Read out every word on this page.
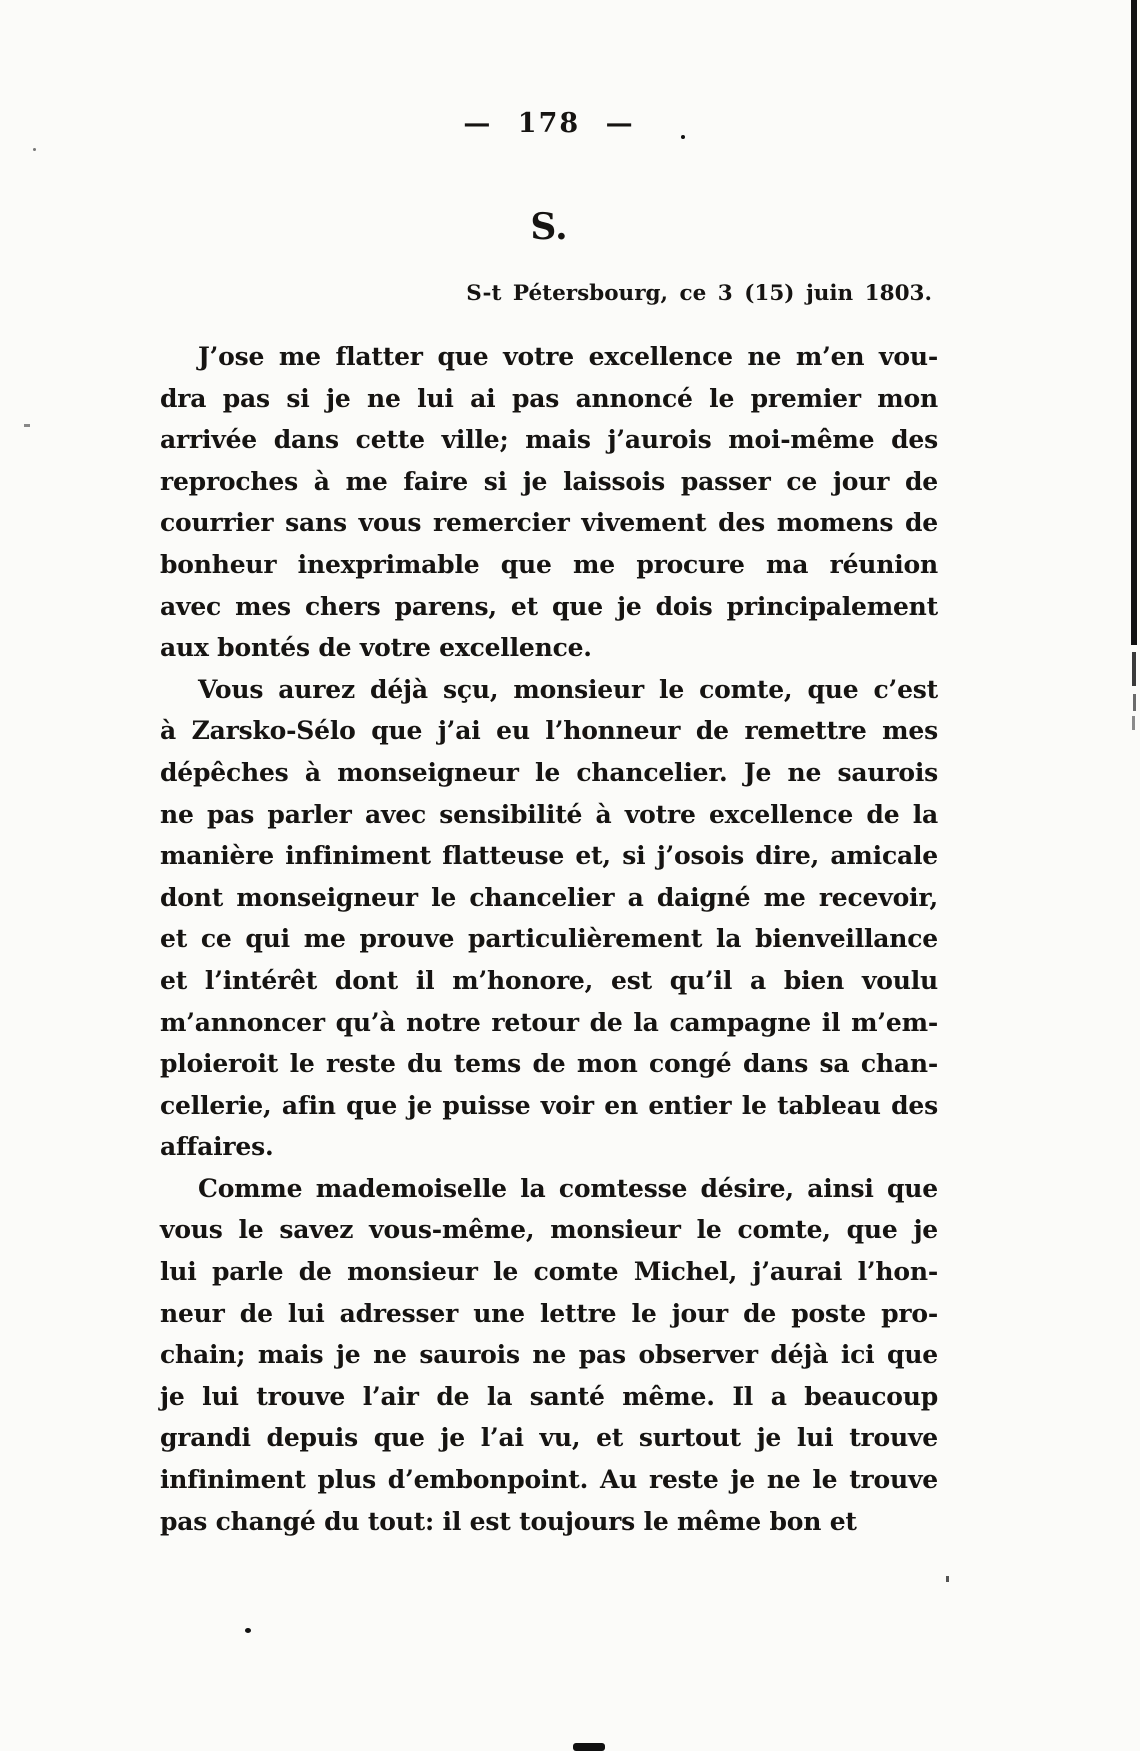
— 178 —
S.
S-t Pétersbourg, ce 3 (15) juin 1803.
J’ose me flatter que votre excellence ne m’en vou-
dra pas si je ne lui ai pas annoncé le premier mon
arrivée dans cette ville; mais j’aurois moi-même des
reproches à me faire si je laissois passer ce jour de
courrier sans vous remercier vivement des momens de
bonheur inexprimable que me procure ma réunion
avec mes chers parens, et que je dois principalement
aux bontés de votre excellence.
Vous aurez déjà sçu, monsieur le comte, que c’est
à Zarsko-Sélo que j’ai eu l’honneur de remettre mes
dépêches à monseigneur le chancelier. Je ne saurois
ne pas parler avec sensibilité à votre excellence de la
manière infiniment flatteuse et, si j’osois dire, amicale
dont monseigneur le chancelier a daigné me recevoir,
et ce qui me prouve particulièrement la bienveillance
et l’intérêt dont il m’honore, est qu’il a bien voulu
m’annoncer qu’à notre retour de la campagne il m’em-
ploieroit le reste du tems de mon congé dans sa chan-
cellerie, afin que je puisse voir en entier le tableau des
affaires.
Comme mademoiselle la comtesse désire, ainsi que
vous le savez vous-même, monsieur le comte, que je
lui parle de monsieur le comte Michel, j’aurai l’hon-
neur de lui adresser une lettre le jour de poste pro-
chain; mais je ne saurois ne pas observer déjà ici que
je lui trouve l’air de la santé même. Il a beaucoup
grandi depuis que je l’ai vu, et surtout je lui trouve
infiniment plus d’embonpoint. Au reste je ne le trouve
pas changé du tout: il est toujours le même bon et
